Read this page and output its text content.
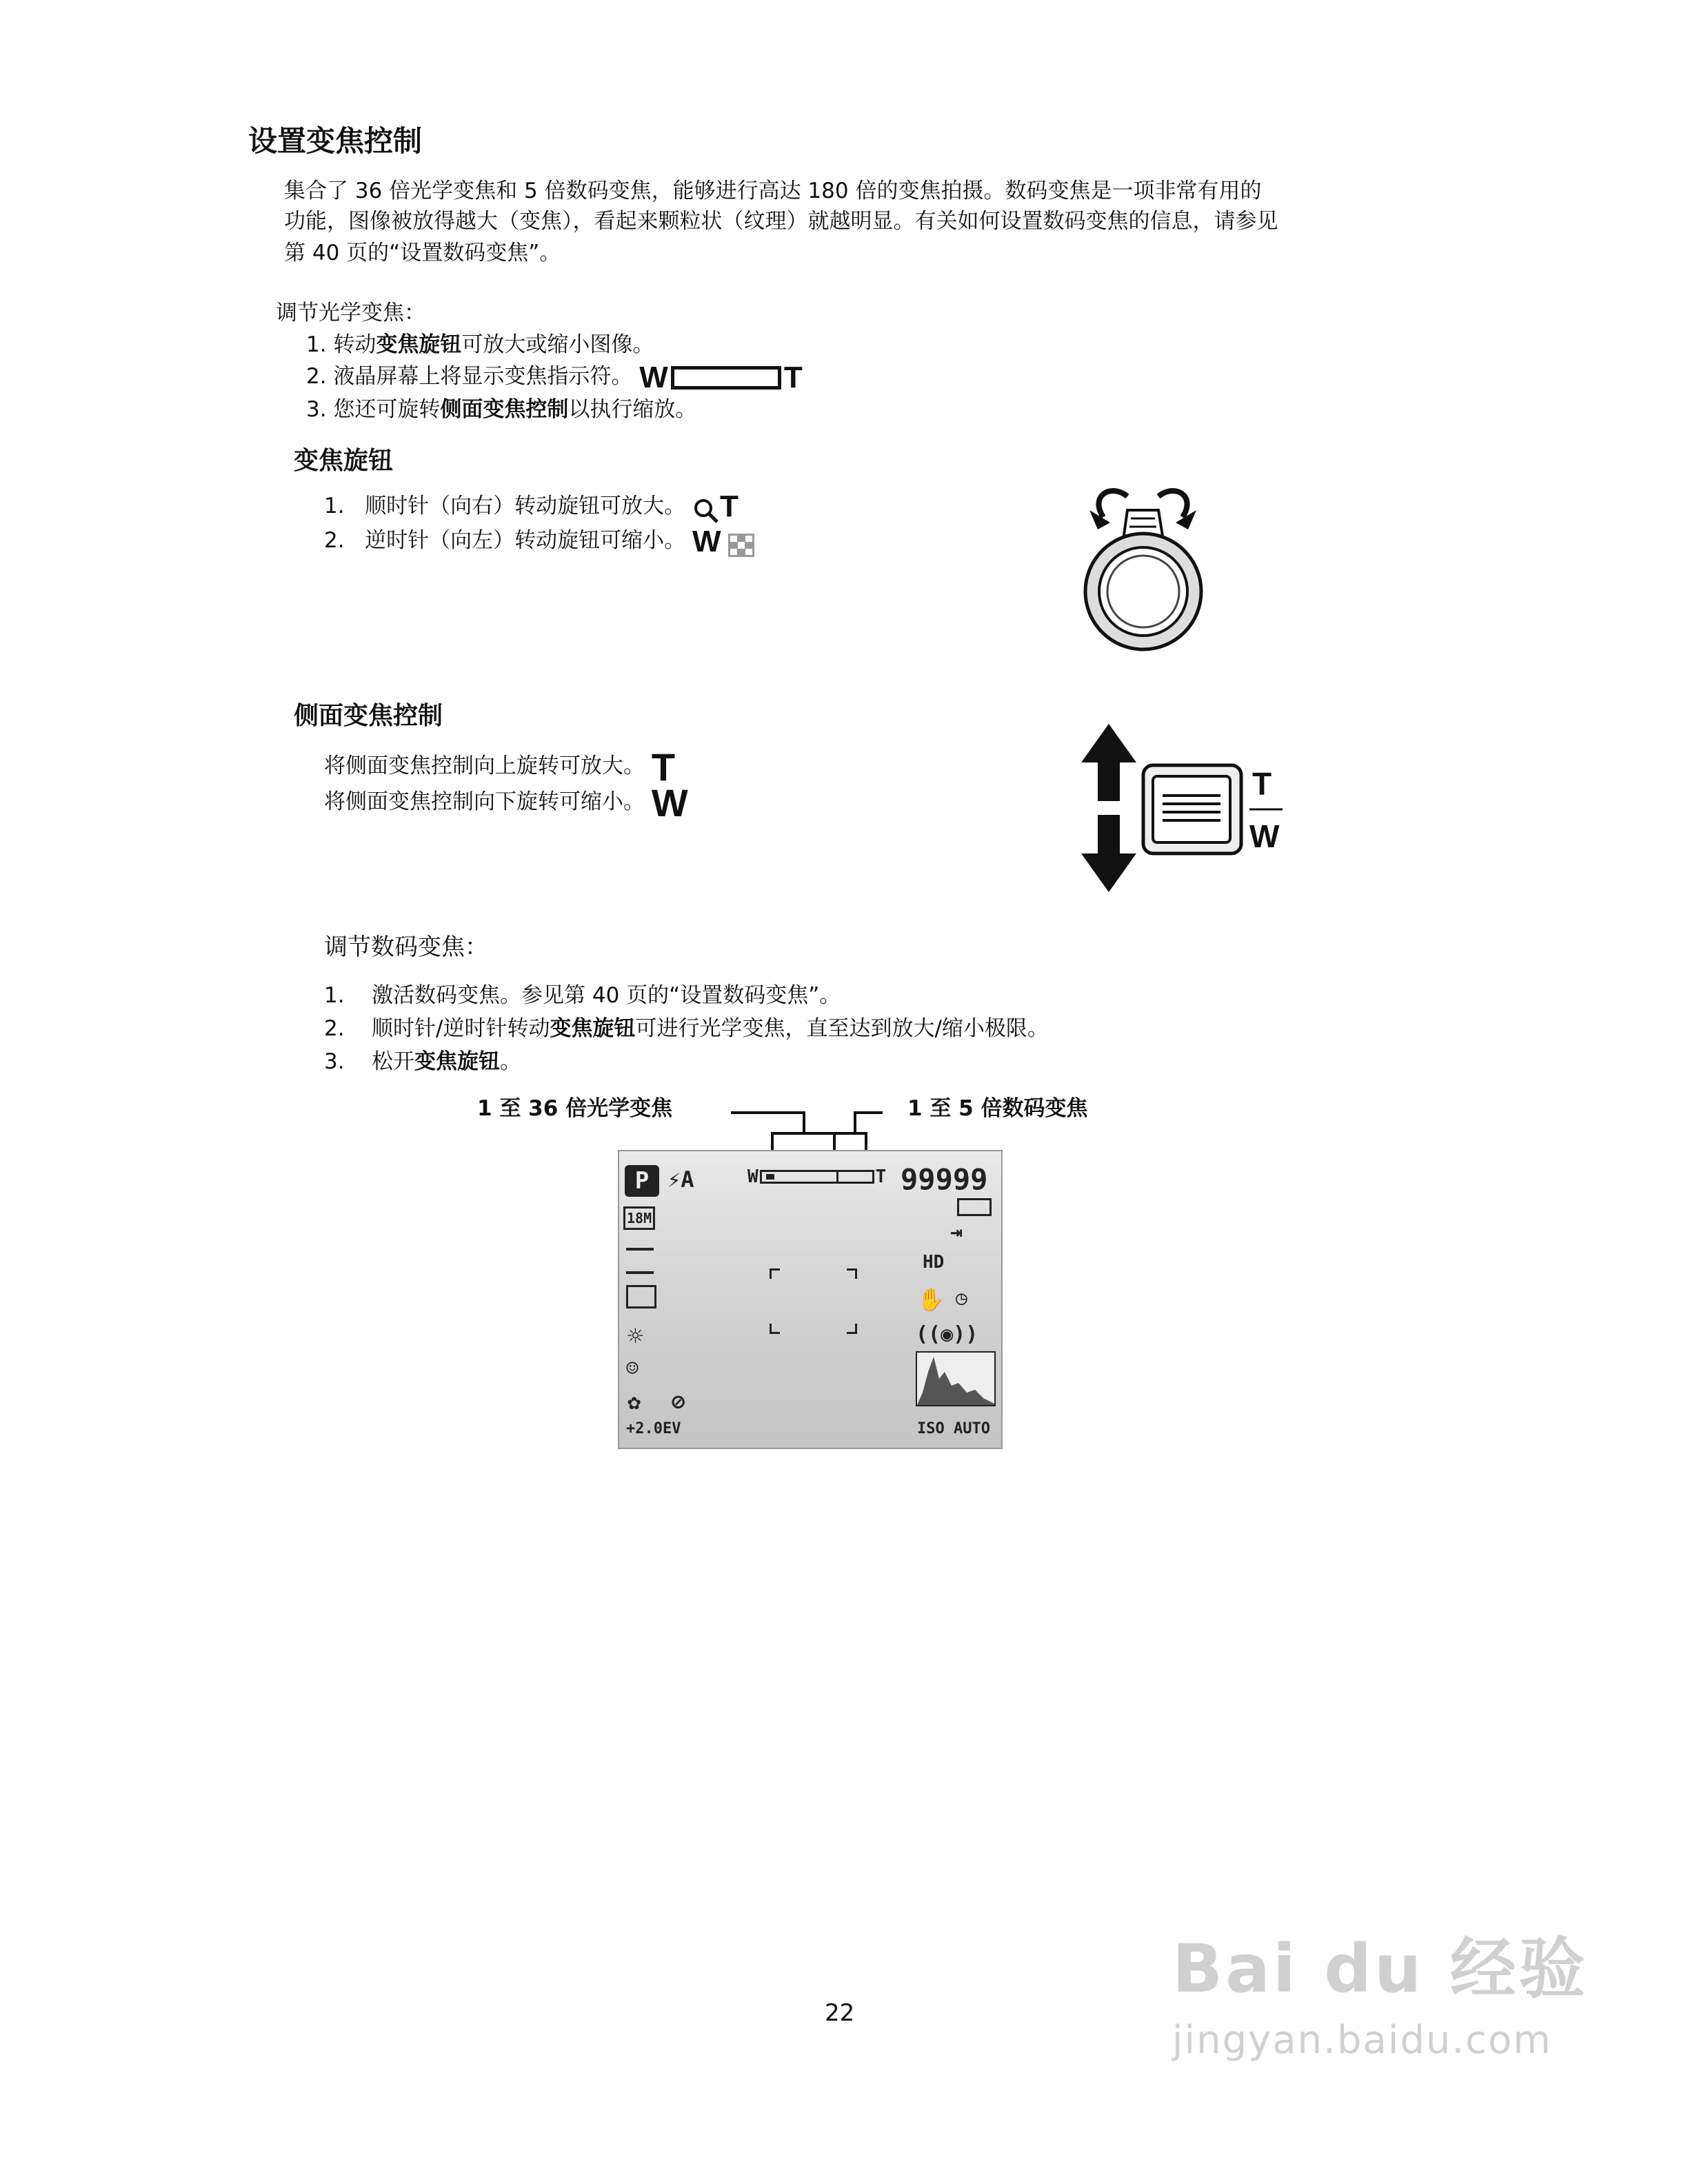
设置变焦控制
集合了 36 倍光学变焦和 5 倍数码变焦，能够进行高达 180 倍的变焦拍摄。数码变焦是一项非常有用的
功能，图像被放得越大（变焦），看起来颗粒状（纹理）就越明显。有关如何设置数码变焦的信息，请参见
第 40 页的“设置数码变焦”。
调节光学变焦：
1. 转动变焦旋钮可放大或缩小图像。
2. 液晶屏幕上将显示变焦指示符。 W	T
3. 您还可旋转侧面变焦控制以执行缩放。
变焦旋钮
1. 顺时针（向右）转动旋钮可放大。 T
2. 逆时针（向左）转动旋钮可缩小。 W
侧面变焦控制
将侧面变焦控制向上旋转可放大。 T
将侧面变焦控制向下旋转可缩小。 W	T
W
调节数码变焦：
1. 激活数码变焦。参见第 40 页的“设置数码变焦”。
2. 顺时针/逆时针转动变焦旋钮可进行光学变焦，直至达到放大/缩小极限。
3. 松开变焦旋钮。
1 至 36 倍光学变焦	1 至 5 倍数码变焦
P ⚡A	W	T 99999
18M
☼
☺
✿ ⊘
⇥
HD
✋ ◷
((◉))
+2.0EV	ISO AUTO
22
Bai du 经验
jingyan.baidu.com
